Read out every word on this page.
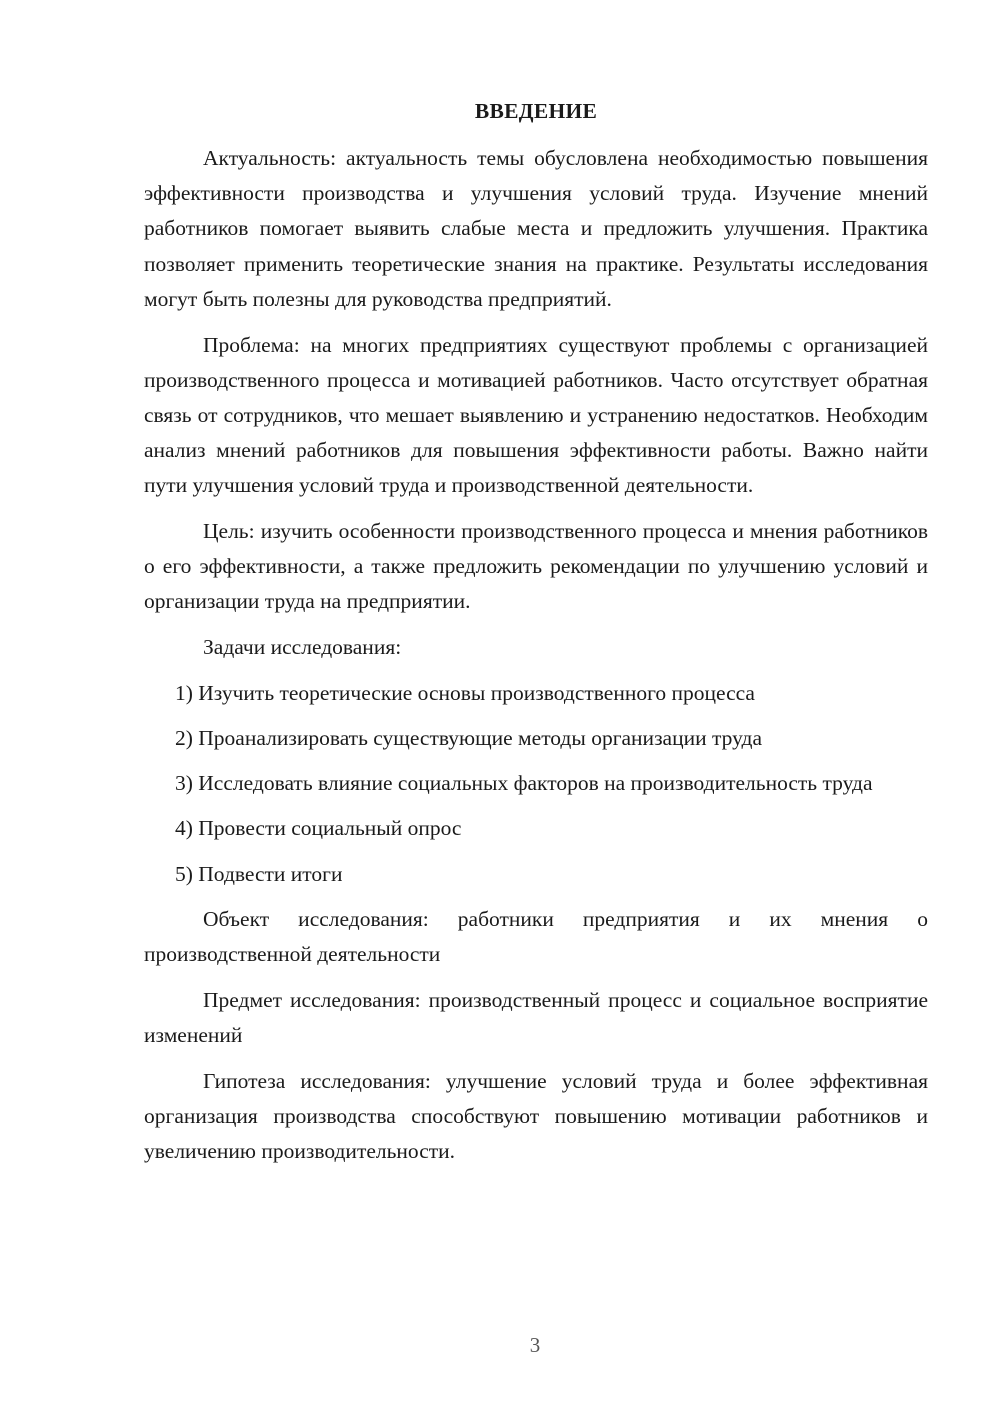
ВВЕДЕНИЕ

Актуальность: актуальность темы обусловлена необходимостью повышения эффективности производства и улучшения условий труда. Изучение мнений работников помогает выявить слабые места и предложить улучшения. Практика позволяет применить теоретические знания на практике. Результаты исследования могут быть полезны для руководства предприятий.

Проблема: на многих предприятиях существуют проблемы с организацией производственного процесса и мотивацией работников. Часто отсутствует обратная связь от сотрудников, что мешает выявлению и устранению недостатков. Необходим анализ мнений работников для повышения эффективности работы. Важно найти пути улучшения условий труда и производственной деятельности.

Цель: изучить особенности производственного процесса и мнения работников о его эффективности, а также предложить рекомендации по улучшению условий и организации труда на предприятии.

Задачи исследования:

1) Изучить теоретические основы производственного процесса

2) Проанализировать существующие методы организации труда

3) Исследовать влияние социальных факторов на производительность труда

4) Провести социальный опрос

5) Подвести итоги

Объект исследования: работники предприятия и их мнения о производственной деятельности

Предмет исследования: производственный процесс и социальное восприятие изменений

Гипотеза исследования: улучшение условий труда и более эффективная организация производства способствуют повышению мотивации работников и увеличению производительности.

3
